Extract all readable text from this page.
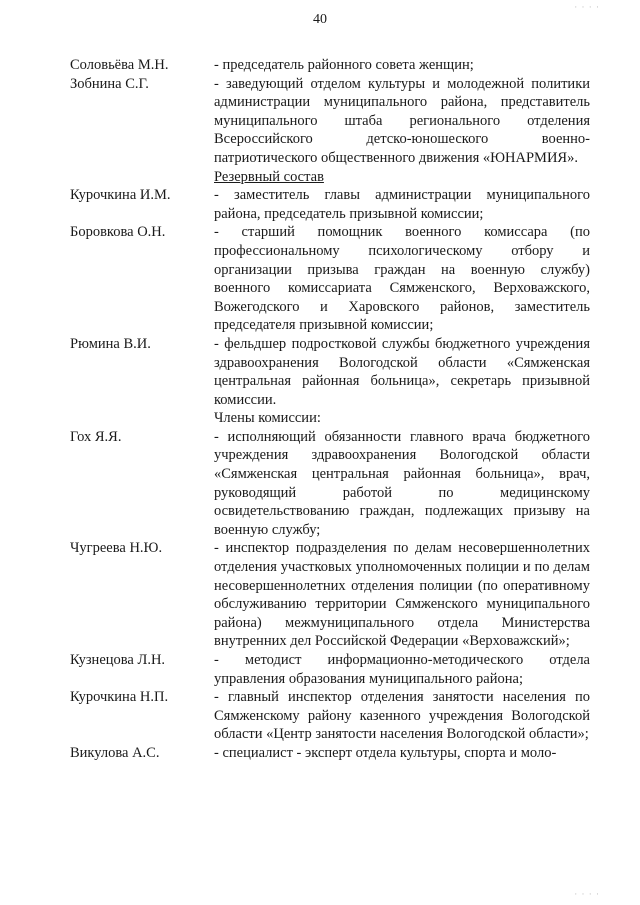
· · · ·
40
Соловьёва М.Н.	- председатель районного совета женщин;
Зобнина С.Г.	- заведующий отделом культуры и молодежной политики администрации муниципального района, представитель муниципального штаба регионального отделения Всероссийского детско-юношеского военно-патриотического общественного движения «ЮНАРМИЯ».
Резервный состав
Курочкина И.М.	- заместитель главы администрации муниципального района, председатель призывной комиссии;
Боровкова О.Н.	- старший помощник военного комиссара (по профессиональному психологическому отбору и организации призыва граждан на военную службу) военного комиссариата Сямженского, Верховажского, Вожегодского и Харовского районов, заместитель председателя призывной комиссии;
Рюмина В.И.	- фельдшер подростковой службы бюджетного учреждения здравоохранения Вологодской области «Сямженская центральная районная больница», секретарь призывной комиссии.
Члены комиссии:
Гох Я.Я.	- исполняющий обязанности главного врача бюджетного учреждения здравоохранения Вологодской области «Сямженская центральная районная больница», врач, руководящий работой по медицинскому освидетельствованию граждан, подлежащих призыву на военную службу;
Чугреева Н.Ю.	- инспектор подразделения по делам несовершеннолетних отделения участковых уполномоченных полиции и по делам несовершеннолетних отделения полиции (по оперативному обслуживанию территории Сямженского муниципального района) межмуниципального отдела Министерства внутренних дел Российской Федерации «Верховажский»;
Кузнецова Л.Н.	- методист информационно-методического отдела управления образования муниципального района;
Курочкина Н.П.	- главный инспектор отделения занятости населения по Сямженскому району казенного учреждения Вологодской области «Центр занятости населения Вологодской области»;
Викулова А.С.	- специалист - эксперт отдела культуры, спорта и моло-
· · · ·
